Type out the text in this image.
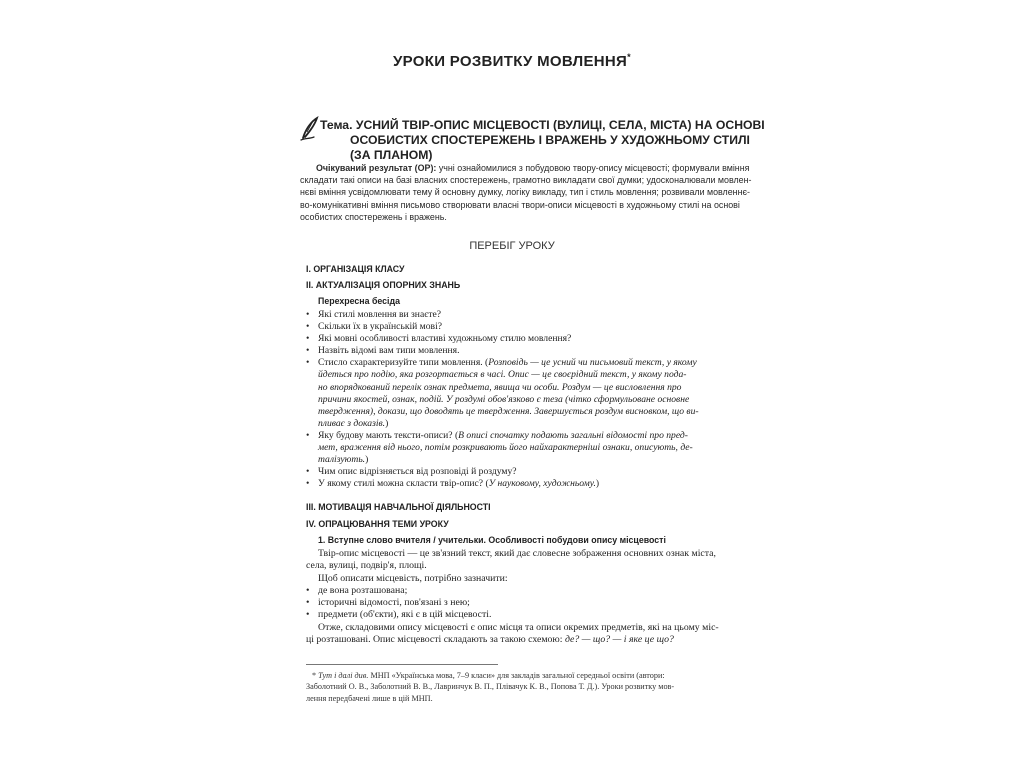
УРОКИ РОЗВИТКУ МОВЛЕННЯ*
Тема. УСНИЙ ТВІР-ОПИС МІСЦЕВОСТІ (ВУЛИЦІ, СЕЛА, МІСТА) НА ОСНОВІ
ОСОБИСТИХ СПОСТЕРЕЖЕНЬ І ВРАЖЕНЬ У ХУДОЖНЬОМУ СТИЛІ
(ЗА ПЛАНОМ)
Очікуваний результат (ОР): учні ознайомилися з побудовою твору-опису місцевості; формували вміння
складати такі описи на базі власних спостережень, грамотно викладати свої думки; удосконалювали мовлен-
нєві вміння усвідомлювати тему й основну думку, логіку викладу, тип і стиль мовлення; розвивали мовленнє-
во-комунікативні вміння письмово створювати власні твори-описи місцевості в художньому стилі на основі
особистих спостережень і вражень.
ПЕРЕБІГ УРОКУ
І. ОРГАНІЗАЦІЯ КЛАСУ
ІІ. АКТУАЛІЗАЦІЯ ОПОРНИХ ЗНАНЬ
Перехресна бесіда
• Які стилі мовлення ви знаєте?
• Скільки їх в українській мові?
• Які мовні особливості властиві художньому стилю мовлення?
• Назвіть відомі вам типи мовлення.
• Стисло схарактеризуйте типи мовлення. (Розповідь — це усний чи письмовий текст, у якому
йдеться про подію, яка розгортається в часі. Опис — це своєрідний текст, у якому пода-
но впорядкований перелік ознак предмета, явища чи особи. Роздум — це висловлення про
причини якостей, ознак, подій. У роздумі обов'язково є теза (чітко сформульоване основне
твердження), докази, що доводять це твердження. Завершується роздум висновком, що ви-
пливає з доказів.)
• Яку будову мають тексти-описи? (В описі спочатку подають загальні відомості про пред-
мет, враження від нього, потім розкривають його найхарактерніші ознаки, описують, де-
талізують.)
• Чим опис відрізняється від розповіді й роздуму?
• У якому стилі можна скласти твір-опис? (У науковому, художньому.)
ІІІ. МОТИВАЦІЯ НАВЧАЛЬНОЇ ДІЯЛЬНОСТІ
IV. ОПРАЦЮВАННЯ ТЕМИ УРОКУ
1. Вступне слово вчителя / учительки. Особливості побудови опису місцевості
Твір-опис місцевості — це зв'язний текст, який дає словесне зображення основних ознак міста,
села, вулиці, подвір'я, площі.
Щоб описати місцевість, потрібно зазначити:
• де вона розташована;
• історичні відомості, пов'язані з нею;
• предмети (об'єкти), які є в цій місцевості.
Отже, складовими опису місцевості є опис місця та описи окремих предметів, які на цьому міс-
ці розташовані. Опис місцевості складають за такою схемою: де? — що? — і яке це що?
* Тут і далі див. МНП «Українська мова, 7–9 класи» для закладів загальної середньої освіти (автори:
Заболотний О. В., Заболотний В. В., Лавринчук В. П., Плівачук К. В., Попова Т. Д.). Уроки розвитку мов-
лення передбачені лише в цій МНП.
